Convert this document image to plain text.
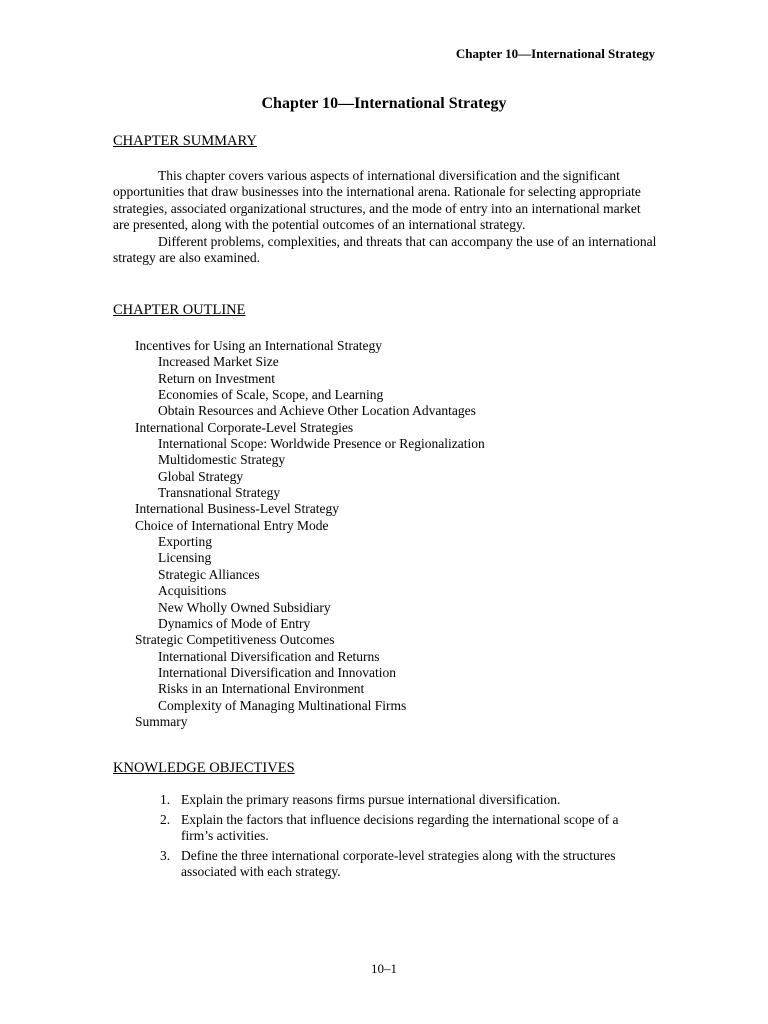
Chapter 10—International Strategy
Chapter 10—International Strategy
CHAPTER SUMMARY

This chapter covers various aspects of international diversification and the significant opportunities that draw businesses into the international arena. Rationale for selecting appropriate strategies, associated organizational structures, and the mode of entry into an international market are presented, along with the potential outcomes of an international strategy.

Different problems, complexities, and threats that can accompany the use of an international strategy are also examined.

CHAPTER OUTLINE
Incentives for Using an International Strategy
Increased Market Size
Return on Investment
Economies of Scale, Scope, and Learning
Obtain Resources and Achieve Other Location Advantages
International Corporate-Level Strategies
International Scope: Worldwide Presence or Regionalization
Multidomestic Strategy
Global Strategy
Transnational Strategy
International Business-Level Strategy
Choice of International Entry Mode
Exporting
Licensing
Strategic Alliances
Acquisitions
New Wholly Owned Subsidiary
Dynamics of Mode of Entry
Strategic Competitiveness Outcomes
International Diversification and Returns
International Diversification and Innovation
Risks in an International Environment
Complexity of Managing Multinational Firms
Summary
KNOWLEDGE OBJECTIVES
1. Explain the primary reasons firms pursue international diversification.
2. Explain the factors that influence decisions regarding the international scope of a firm’s activities.
3. Define the three international corporate-level strategies along with the structures associated with each strategy.
10–1
